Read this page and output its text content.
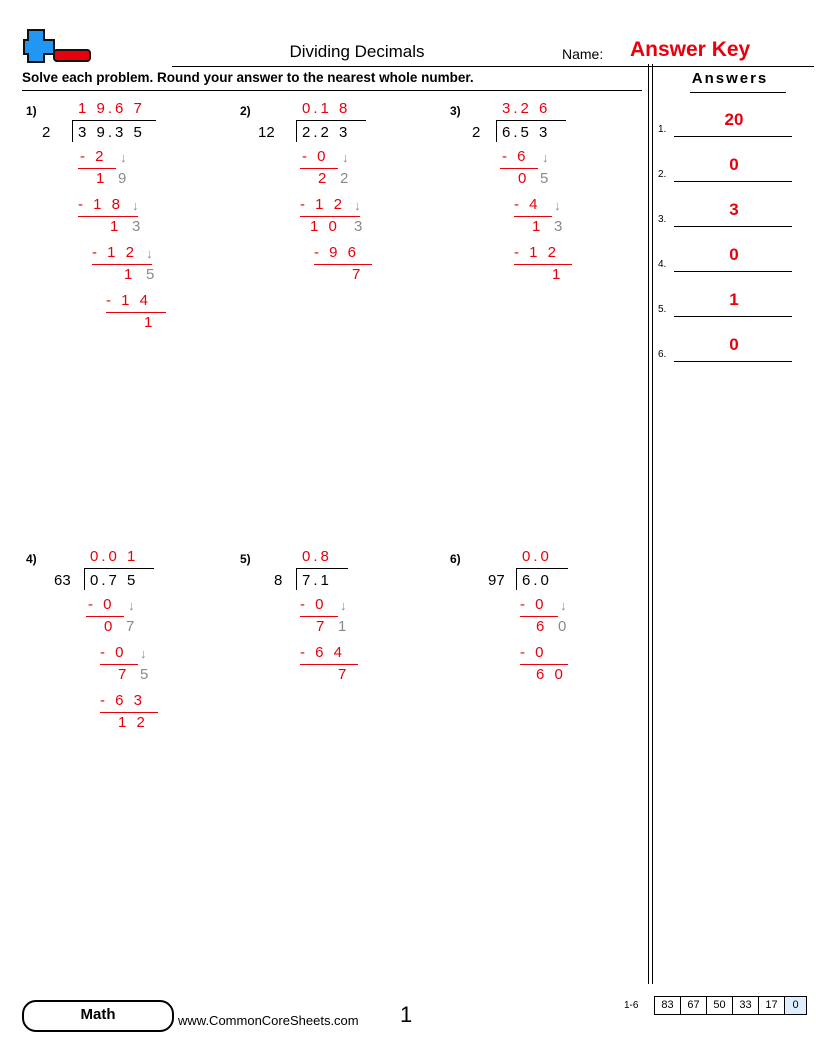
Dividing Decimals	Name: Answer Key
Solve each problem. Round your answer to the nearest whole number.	Answers
1.
20
2.
0
3.
3
4.
0
5.
1
6.
0
1)	1 9.6 7
2 3 9.3 5
- 2 ↓
1 9
- 1 8 ↓
1 3
- 1 2 ↓
1 5
- 1 4
1
2)	0.1 8
12 2.2 3
- 0 ↓
2 2
- 1 2 ↓
1 0 3
- 9 6
7
3)	3.2 6
2 6.5 3
- 6 ↓
0 5
- 4 ↓
1 3
- 1 2
1
4)	0.0 1
63 0.7 5
- 0 ↓
0 7
- 0 ↓
7 5
- 6 3
1 2
5)	0.8
8 7.1
- 0 ↓
7 1
- 6 4
7
6)	0.0
97 6.0
- 0 ↓
6 0
- 0
6 0
Math	www.CommonCoreSheets.com 1	1-6	83	67	50	33	17	0
